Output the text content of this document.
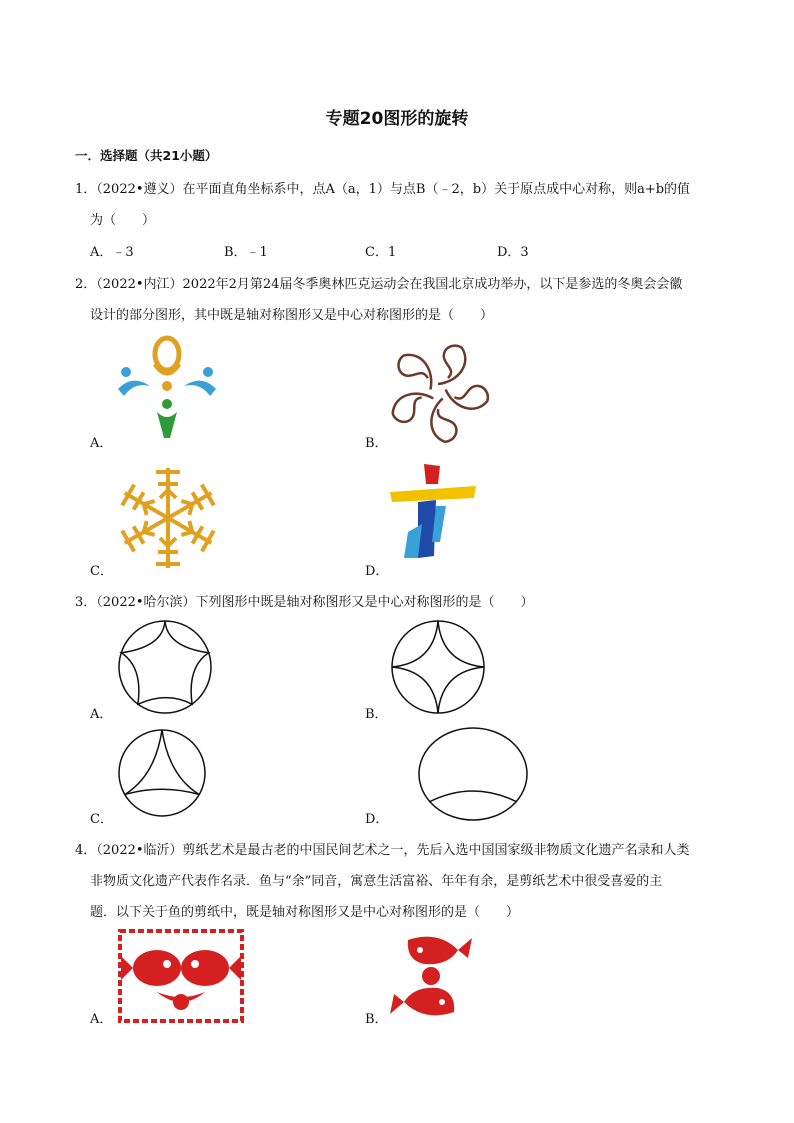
专题20图形的旋转
一．选择题（共21小题）
1．（2022•遵义）在平面直角坐标系中，点A（a，1）与点B（﹣2，b）关于原点成中心对称，则a+b的值
为（　　）
A．﹣3	B．﹣1	C．1	D．3
2．（2022•内江）2022年2月第24届冬季奥林匹克运动会在我国北京成功举办，以下是参选的冬奥会会徽
设计的部分图形，其中既是轴对称图形又是中心对称图形的是（　　）
A．	B．
C．	D．
3．（2022•哈尔滨）下列图形中既是轴对称图形又是中心对称图形的是（　　）
A．	B．
C．	D．
4．（2022•临沂）剪纸艺术是最古老的中国民间艺术之一，先后入选中国国家级非物质文化遗产名录和人类
非物质文化遗产代表作名录．鱼与“余”同音，寓意生活富裕、年年有余，是剪纸艺术中很受喜爱的主
题．以下关于鱼的剪纸中，既是轴对称图形又是中心对称图形的是（　　）
A．	B．
